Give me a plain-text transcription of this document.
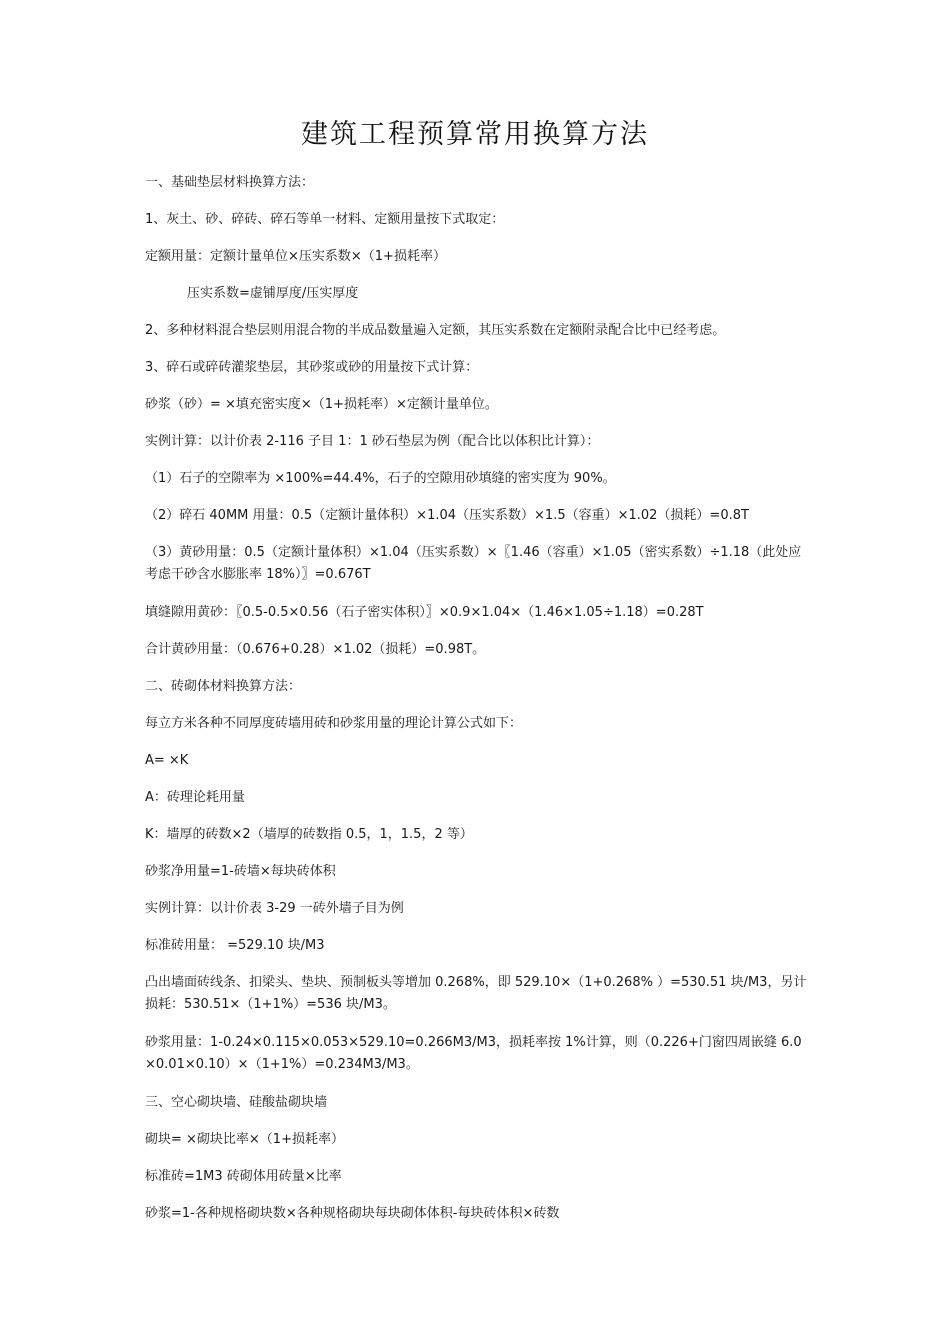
建筑工程预算常用换算方法

一、基础垫层材料换算方法：

1、灰土、砂、碎砖、碎石等单一材料、定额用量按下式取定：

定额用量：定额计量单位×压实系数×（1+损耗率）

压实系数=虚铺厚度/压实厚度

2、多种材料混合垫层则用混合物的半成品数量遍入定额，其压实系数在定额附录配合比中已经考虑。

3、碎石或碎砖灌浆垫层，其砂浆或砂的用量按下式计算：

砂浆（砂）= ×填充密实度×（1+损耗率）×定额计量单位。

实例计算：以计价表 2-116 子目 1：1 砂石垫层为例（配合比以体积比计算）：

（1）石子的空隙率为 ×100%=44.4%，石子的空隙用砂填缝的密实度为 90%。

（2）碎石 40MM 用量：0.5（定额计量体积）×1.04（压实系数）×1.5（容重）×1.02（损耗）=0.8T

（3）黄砂用量：0.5（定额计量体积）×1.04（压实系数）×〖1.46（容重）×1.05（密实系数）÷1.18（此处应考虑干砂含水膨胀率 18%）〗=0.676T

填缝隙用黄砂：〖0.5-0.5×0.56（石子密实体积）〗×0.9×1.04×（1.46×1.05÷1.18）=0.28T

合计黄砂用量：（0.676+0.28）×1.02（损耗）=0.98T。

二、砖砌体材料换算方法：

每立方米各种不同厚度砖墙用砖和砂浆用量的理论计算公式如下：

A= ×K

A：砖理论耗用量

K：墙厚的砖数×2（墙厚的砖数指 0.5，1，1.5，2 等）

砂浆净用量=1-砖墙×每块砖体积

实例计算：以计价表 3-29 一砖外墙子目为例

标准砖用量： =529.10 块/M3

凸出墙面砖线条、扣梁头、垫块、预制板头等增加 0.268%，即 529.10×（1+0.268% ）=530.51 块/M3，另计损耗：530.51×（1+1%）=536 块/M3。

砂浆用量：1-0.24×0.115×0.053×529.10=0.266M3/M3，损耗率按 1%计算，则（0.226+门窗四周嵌缝 6.0×0.01×0.10）×（1+1%）=0.234M3/M3。

三、空心砌块墙、硅酸盐砌块墙

砌块= ×砌块比率×（1+损耗率）

标准砖=1M3 砖砌体用砖量×比率

砂浆=1-各种规格砌块数×各种规格砌块每块砌体体积-每块砖体积×砖数
